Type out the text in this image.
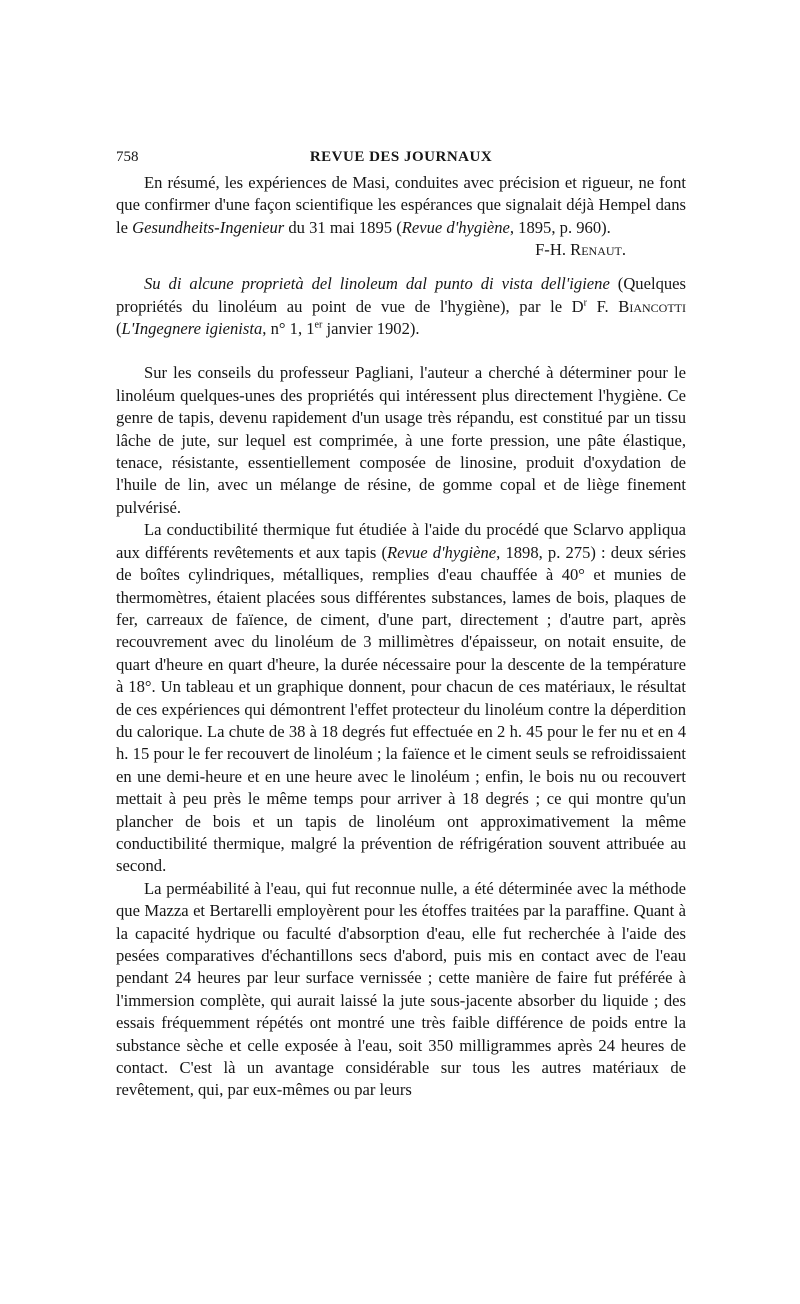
758	REVUE DES JOURNAUX

En résumé, les expériences de Masi, conduites avec précision et rigueur, ne font que confirmer d'une façon scientifique les espérances que signalait déjà Hempel dans le Gesundheits-Ingenieur du 31 mai 1895 (Revue d'hygiène, 1895, p. 960).
F-H. Renaut.

Su di alcune proprietà del linoleum dal punto di vista dell'igiene (Quelques propriétés du linoléum au point de vue de l'hygiène), par le $D^r$ F. Biancotti (L'Ingegnere igienista, n° 1, 1er janvier 1902).

Sur les conseils du professeur Pagliani, l'auteur a cherché à déterminer pour le linoléum quelques-unes des propriétés qui intéressent plus directement l'hygiène. Ce genre de tapis, devenu rapidement d'un usage très répandu, est constitué par un tissu lâche de jute, sur lequel est comprimée, à une forte pression, une pâte élastique, tenace, résistante, essentiellement composée de linosine, produit d'oxydation de l'huile de lin, avec un mélange de résine, de gomme copal et de liège finement pulvérisé.

La conductibilité thermique fut étudiée à l'aide du procédé que Sclarvo appliqua aux différents revêtements et aux tapis (Revue d'hygiène, 1898, p. 275) : deux séries de boîtes cylindriques, métalliques, remplies d'eau chauffée à 40° et munies de thermomètres, étaient placées sous différentes substances, lames de bois, plaques de fer, carreaux de faïence, de ciment, d'une part, directement ; d'autre part, après recouvrement avec du linoléum de 3 millimètres d'épaisseur, on notait ensuite, de quart d'heure en quart d'heure, la durée nécessaire pour la descente de la température à 18°. Un tableau et un graphique donnent, pour chacun de ces matériaux, le résultat de ces expériences qui démontrent l'effet protecteur du linoléum contre la déperdition du calorique. La chute de 38 à 18 degrés fut effectuée en 2 h. 45 pour le fer nu et en 4 h. 15 pour le fer recouvert de linoléum ; la faïence et le ciment seuls se refroidissaient en une demi-heure et en une heure avec le linoléum ; enfin, le bois nu ou recouvert mettait à peu près le même temps pour arriver à 18 degrés ; ce qui montre qu'un plancher de bois et un tapis de linoléum ont approximativement la même conductibilité thermique, malgré la prévention de réfrigération souvent attribuée au second.

La perméabilité à l'eau, qui fut reconnue nulle, a été déterminée avec la méthode que Mazza et Bertarelli employèrent pour les étoffes traitées par la paraffine. Quant à la capacité hydrique ou faculté d'absorption d'eau, elle fut recherchée à l'aide des pesées comparatives d'échantillons secs d'abord, puis mis en contact avec de l'eau pendant 24 heures par leur surface vernissée ; cette manière de faire fut préférée à l'immersion complète, qui aurait laissé la jute sous-jacente absorber du liquide ; des essais fréquemment répétés ont montré une très faible différence de poids entre la substance sèche et celle exposée à l'eau, soit 350 milligrammes après 24 heures de contact. C'est là un avantage considérable sur tous les autres matériaux de revêtement, qui, par eux-mêmes ou par leurs
